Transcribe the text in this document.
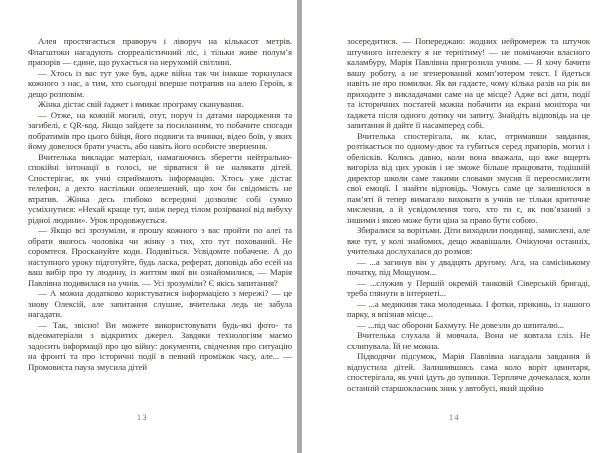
Алея простягається праворуч і ліворуч на кількасот метрів. Флагштоки нагадують сюрреалістичний ліс, і тільки живе полум’я прапорів — єдине, що рухається на нерухомій світлині.

— Хтось із вас тут уже був, адже війна так чи інакше торкнулася кожного з нас, а тим, хто сьогодні вперше потрапив на алею Героїв, я дещо розповім.

Жінка дістає свій ґаджет і вмикає програму сканування.

— Отже, на кожній могилі, отут, поруч із датами народження та загибелі, є QR-код. Якщо зайдете за посиланням, то побачите спогади побратимів про цього бійця, його подвиги та вчинки, відео боїв, у яких йому довелося брати участь, або навіть його особисте звернення.

Вчителька викладає матеріал, намагаючись зберегти нейтрально-спокійні інтонації в голосі, не зірватися й не налякати дітей. Спостерігає, як учні сприймають інформацію. Хтось уже дістає телефон, а дехто настільки ошелешений, що хоч би свідомість не втратив. Жінка десь глибоко всередині дозволяє собі сумно усміхнутися: «Нехай краще тут, аніж перед тілом розірваної від вибуху рідної людини». Урок продовжується.

— Якщо всі зрозуміли, я прошу кожного з вас пройти по алеї та обрати якогось чоловіка чи жінку з тих, хто тут похований. Не соромтеся. Проскануйте коди. Подивіться. Усвідомте побачене. А до наступного уроку підготуйте, будь ласка, реферат, доповідь або есей на ваш вибір про ту людину, із життям якої ви ознайомилися, — Марія Павлівна подивилася на учнів. — Усі зрозуміли? Є якісь запитання?

— А можна додатково користуватися інформацією з мережі? — це знову Олексій, але запитання слушне, вчителька ледь не забула нагадати.

— Так, звісно! Ви можете використовувати будь-які фото- та відеоматеріали з відкритих джерел. Завдяки технологіям маємо задосить інформації про цю війну: документи, свідчення про ситуацію на фронті та про історичні події в певний проміжок часу, але... — Промовиста пауза змусила дітей

13

зосередитися. — Попереджаю: жодних нейромереж та штучок штучного інтелекту я не терпітиму! — не помічаючи власного каламбуру, Марія Павлівна пригрозила учням. — Я хочу бачити вашу роботу, а не згенерований комп’ютером текст. І йдеться навіть не про помилки. Як ви гадаєте, чому кілька разів на рік ви приходите з викладачами саме на це місце? Адже всі дати, події та історичних постатей можна побачити на екрані монітора чи ґаджета після одного дотику чи запиту. Знайдіть відповідь на це запитання й дайте її насамперед собі.

Вчителька спостерігала, як клас, отримавши завдання, розтікається по одному-двоє та губиться серед прапорів, могил і обелісків. Колись давно, коли вона вважала, що вже вщерть вигоріла від цих уроків і не зможе більше працювати, тодішній директор школи саме такими словами змусив її переосмислити свої емоції. І знайти відповідь. Чомусь саме це залишилося в пам’яті й тепер вимагало виховати в учнів не тільки критичне мислення, а й усвідомлення того, хто ти є, як пов’язаний з іншими і якою може бути ціна за право бути собою.

Збиралися за ворітьми. Діти виходили поодинці, замислені, але вже тут, у колі знайомих, дещо жвавішали. Очікуючи останніх, учителька дослухалася до розмов:

— ...а загинув він у двадцять другому. Ага, на самісінькому початку, під Мощуном...

— ...служив у Першій окремій танковій Сіверській бригаді, треба глянути в інтернеті...

— ...а медикиня така молоденька. І фотки, прикинь, із нашого парку, я впізнав місце...

— ...під час оборони Бахмуту. Не довезли до шпиталю...

Вчителька слухала й мовчала. Вона не ковтала сліз. Не схлипувала. Їй не можна.

Підводячи підсумок, Марія Павлівна нагадала завдання й відпустила дітей. Залишившись сама коло воріт цвинтаря, спостерігала, як учні ідуть до зупинки. Терпляче дочекалася, коли останній старшокласник зник у автобусі, який щойно

14
